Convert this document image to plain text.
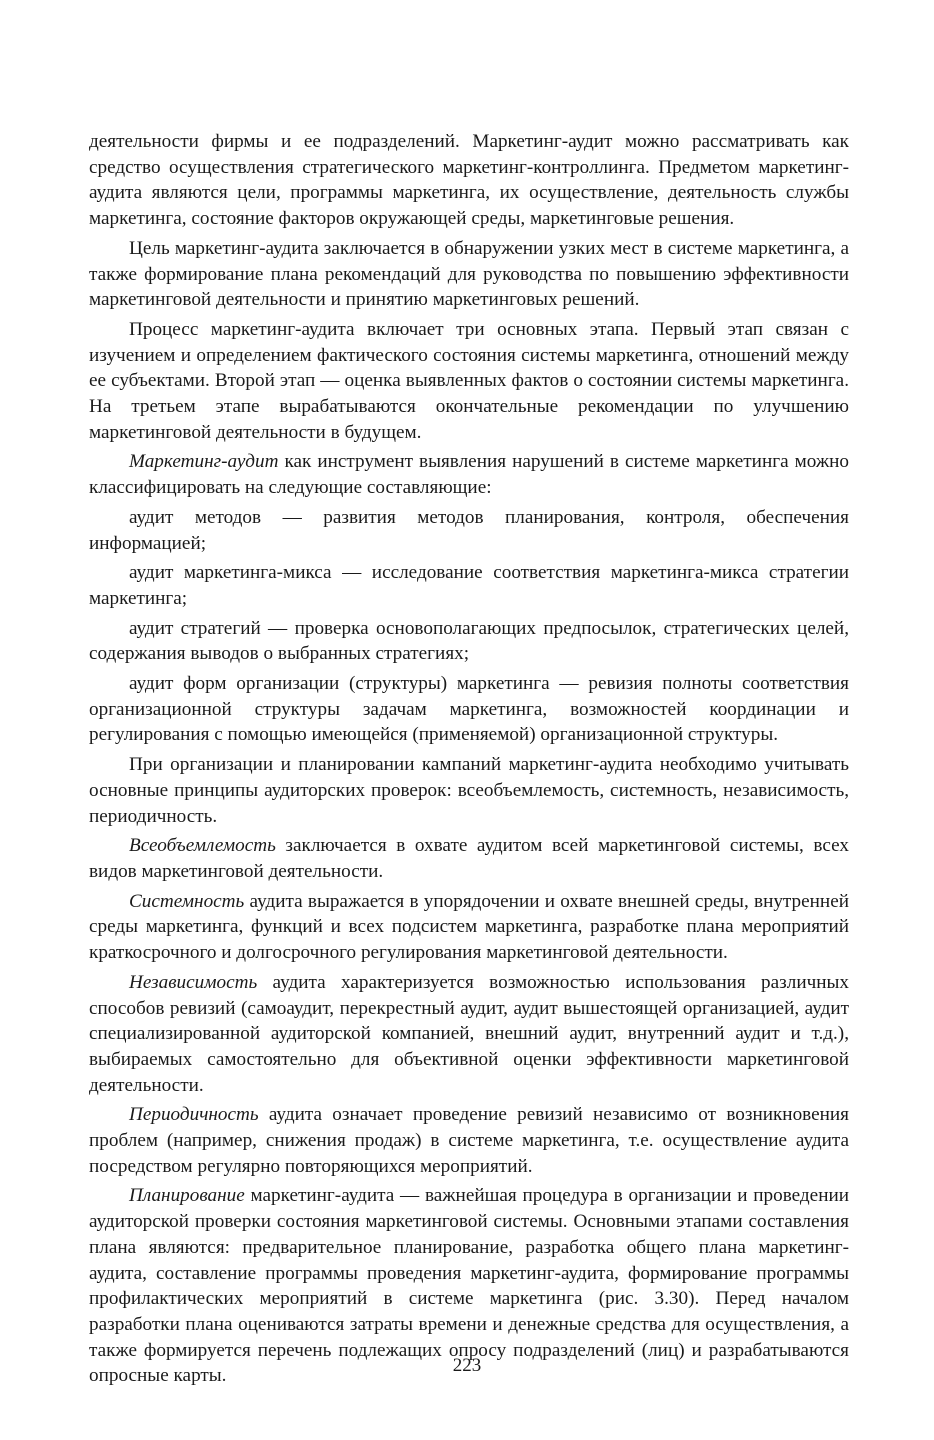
деятельности фирмы и ее подразделений. Маркетинг-аудит можно рассматривать как средство осуществления стратегического маркетинг-контроллинга. Предметом маркетинг-аудита являются цели, программы маркетинга, их осуществление, деятельность службы маркетинга, состояние факторов окружающей среды, маркетинговые решения.

Цель маркетинг-аудита заключается в обнаружении узких мест в системе маркетинга, а также формирование плана рекомендаций для руководства по повышению эффективности маркетинговой деятельности и принятию маркетинговых решений.

Процесс маркетинг-аудита включает три основных этапа. Первый этап связан с изучением и определением фактического состояния системы маркетинга, отношений между ее субъектами. Второй этап — оценка выявленных фактов о состоянии системы маркетинга. На третьем этапе вырабатываются окончательные рекомендации по улучшению маркетинговой деятельности в будущем.

Маркетинг-аудит как инструмент выявления нарушений в системе маркетинга можно классифицировать на следующие составляющие:

аудит методов — развития методов планирования, контроля, обеспечения информацией;

аудит маркетинга-микса — исследование соответствия маркетинга-микса стратегии маркетинга;

аудит стратегий — проверка основополагающих предпосылок, стратегических целей, содержания выводов о выбранных стратегиях;

аудит форм организации (структуры) маркетинга — ревизия полноты соответствия организационной структуры задачам маркетинга, возможностей координации и регулирования с помощью имеющейся (применяемой) организационной структуры.

При организации и планировании кампаний маркетинг-аудита необходимо учитывать основные принципы аудиторских проверок: всеобъемлемость, системность, независимость, периодичность.

Всеобъемлемость заключается в охвате аудитом всей маркетинговой системы, всех видов маркетинговой деятельности.

Системность аудита выражается в упорядочении и охвате внешней среды, внутренней среды маркетинга, функций и всех подсистем маркетинга, разработке плана мероприятий краткосрочного и долгосрочного регулирования маркетинговой деятельности.

Независимость аудита характеризуется возможностью использования различных способов ревизий (самоаудит, перекрестный аудит, аудит вышестоящей организацией, аудит специализированной аудиторской компанией, внешний аудит, внутренний аудит и т.д.), выбираемых самостоятельно для объективной оценки эффективности маркетинговой деятельности.

Периодичность аудита означает проведение ревизий независимо от возникновения проблем (например, снижения продаж) в системе маркетинга, т.е. осуществление аудита посредством регулярно повторяющихся мероприятий.

Планирование маркетинг-аудита — важнейшая процедура в организации и проведении аудиторской проверки состояния маркетинговой системы. Основными этапами составления плана являются: предварительное планирование, разработка общего плана маркетинг-аудита, составление программы проведения маркетинг-аудита, формирование программы профилактических мероприятий в системе маркетинга (рис. 3.30). Перед началом разработки плана оцениваются затраты времени и денежные средства для осуществления, а также формируется перечень подлежащих опросу подразделений (лиц) и разрабатываются опросные карты.	223
